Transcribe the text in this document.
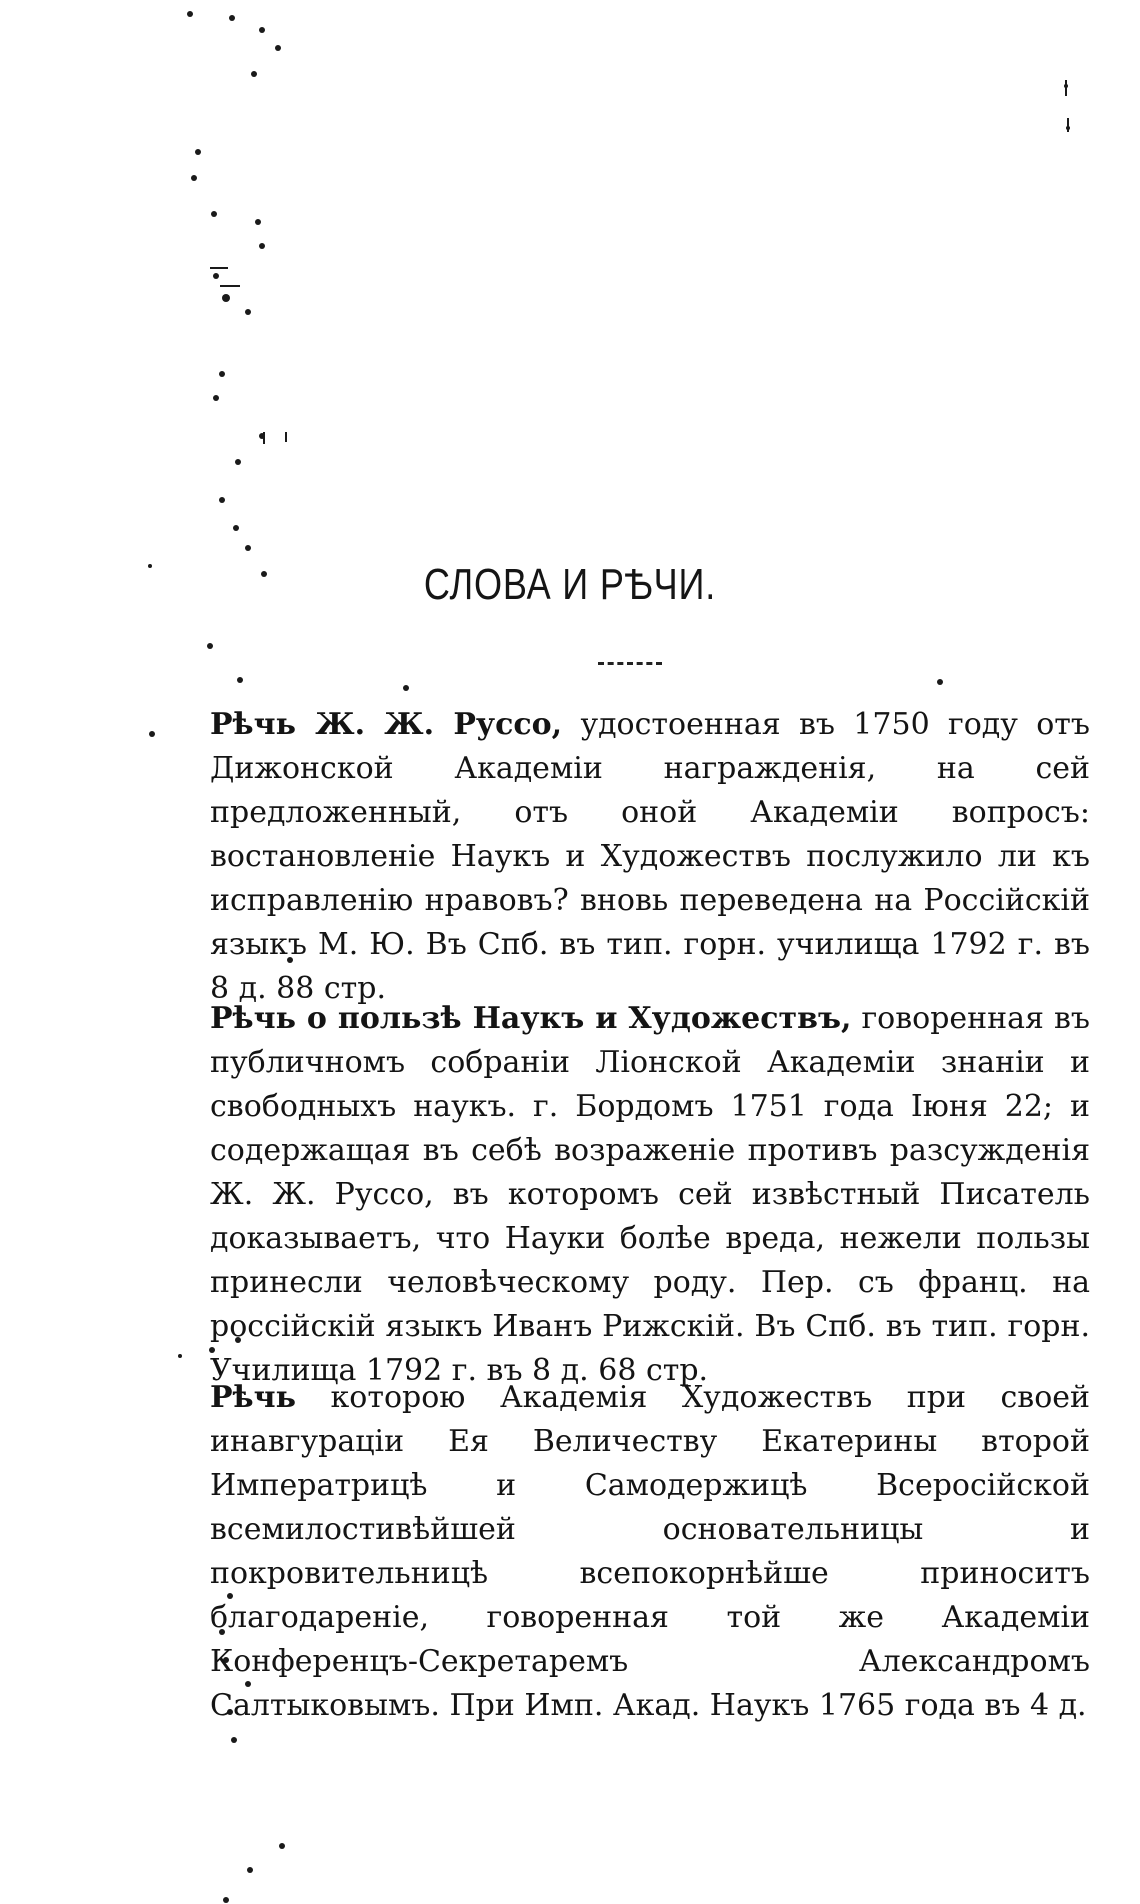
СЛОВА И РѢЧИ.
Рѣчь Ж. Ж. Руссо, удостоенная въ 1750 году отъ Дижонской Академіи награжденія, на сей предложенный, отъ оной Академіи вопросъ: востановленіе Наукъ и Художествъ послужило ли къ исправленію нравовъ? вновь переведена на Россійскій языкъ М. Ю. Въ Спб. въ тип. горн. училища 1792 г. въ 8 д. 88 стр.
Рѣчь о пользѣ Наукъ и Художествъ, говоренная въ публичномъ собраніи Ліонской Академіи знаніи и свободныхъ наукъ. г. Бордомъ 1751 года Іюня 22; и содержащая въ себѣ возраженіе противъ разсужденія Ж. Ж. Руссо, въ которомъ сей извѣстный Писатель доказываетъ, что Науки болѣе вреда, нежели пользы принесли человѣческому роду. Пер. съ франц. на россійскій языкъ Иванъ Рижскій. Въ Спб. въ тип. горн. Училища 1792 г. въ 8 д. 68 стр.
Рѣчь которою Академія Художествъ при своей инавгураціи Ея Величеству Екатерины второй Императрицѣ и Самодержицѣ Всеросійской всемилостивѣйшей основательницы и покровительницѣ всепокорнѣйше приноситъ благодареніе, говоренная той же Академіи Конференцъ-Секретаремъ Александромъ Салтыковымъ. При Имп. Акад. Наукъ 1765 года въ 4 д.
